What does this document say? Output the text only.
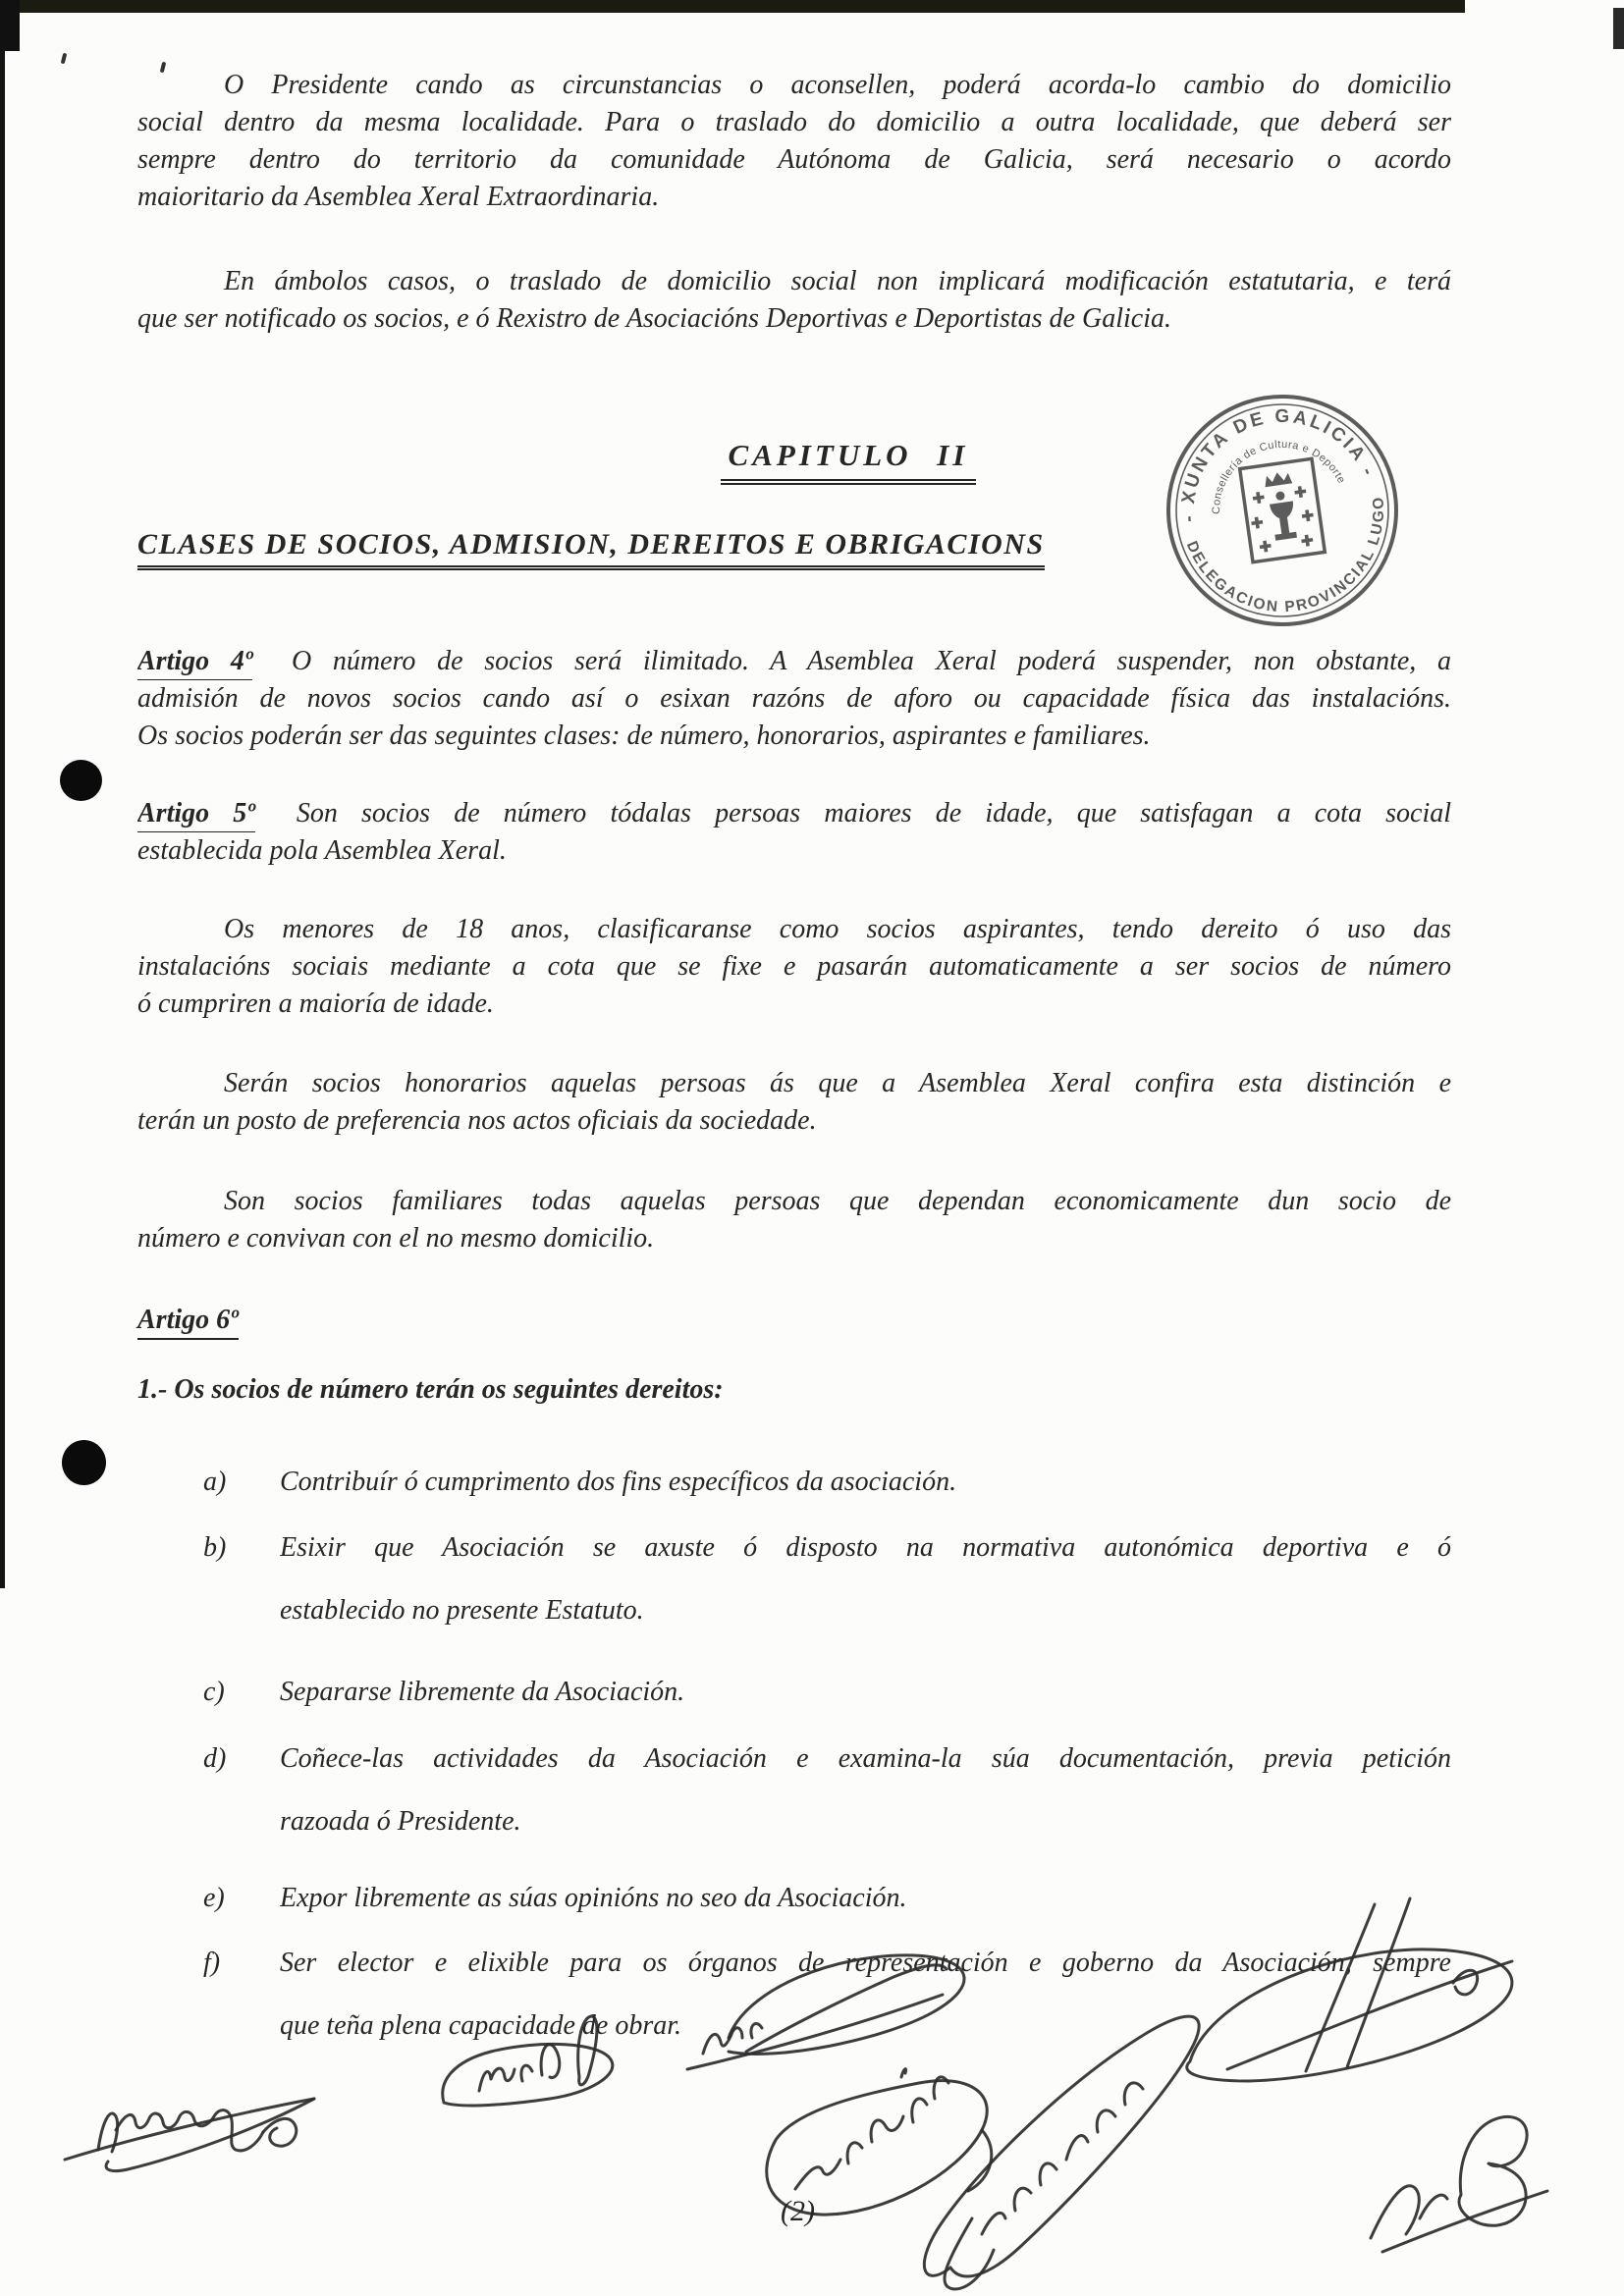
O Presidente cando as circunstancias o aconsellen, poderá acorda-lo cambio do domicilio
social dentro da mesma localidade. Para o traslado do domicilio a outra localidade, que deberá ser
sempre dentro do territorio da comunidade Autónoma de Galicia, será necesario o acordo
maioritario da Asemblea Xeral Extraordinaria.
En ámbolos casos, o traslado de domicilio social non implicará modificación estatutaria, e terá
que ser notificado os socios, e ó Rexistro de Asociacións Deportivas e Deportistas de Galicia.
CAPITULO II
CLASES DE SOCIOS, ADMISION, DEREITOS E OBRIGACIONS
- XUNTA DE GALICIA -
DELEGACION PROVINCIAL LUGO
Consellería de Cultura e Deporte
Artigo 4º O número de socios será ilimitado. A Asemblea Xeral poderá suspender, non obstante, a
admisión de novos socios cando así o esixan razóns de aforo ou capacidade física das instalacións.
Os socios poderán ser das seguintes clases: de número, honorarios, aspirantes e familiares.
Artigo 5º Son socios de número tódalas persoas maiores de idade, que satisfagan a cota social
establecida pola Asemblea Xeral.
Os menores de 18 anos, clasificaranse como socios aspirantes, tendo dereito ó uso das
instalacións sociais mediante a cota que se fixe e pasarán automaticamente a ser socios de número
ó cumpriren a maioría de idade.
Serán socios honorarios aquelas persoas ás que a Asemblea Xeral confira esta distinción e
terán un posto de preferencia nos actos oficiais da sociedade.
Son socios familiares todas aquelas persoas que dependan economicamente dun socio de
número e convivan con el no mesmo domicilio.
Artigo 6º
1.- Os socios de número terán os seguintes dereitos:
a) Contribuír ó cumprimento dos fins específicos da asociación.
b) Esixir que Asociación se axuste ó disposto na normativa autonómica deportiva e ó
establecido no presente Estatuto.
c) Separarse libremente da Asociación.
d) Coñece-las actividades da Asociación e examina-la súa documentación, previa petición
razoada ó Presidente.
e) Expor libremente as súas opinións no seo da Asociación.
f) Ser elector e elixible para os órganos de representación e goberno da Asociación, sempre
que teña plena capacidade de obrar.
(2)
